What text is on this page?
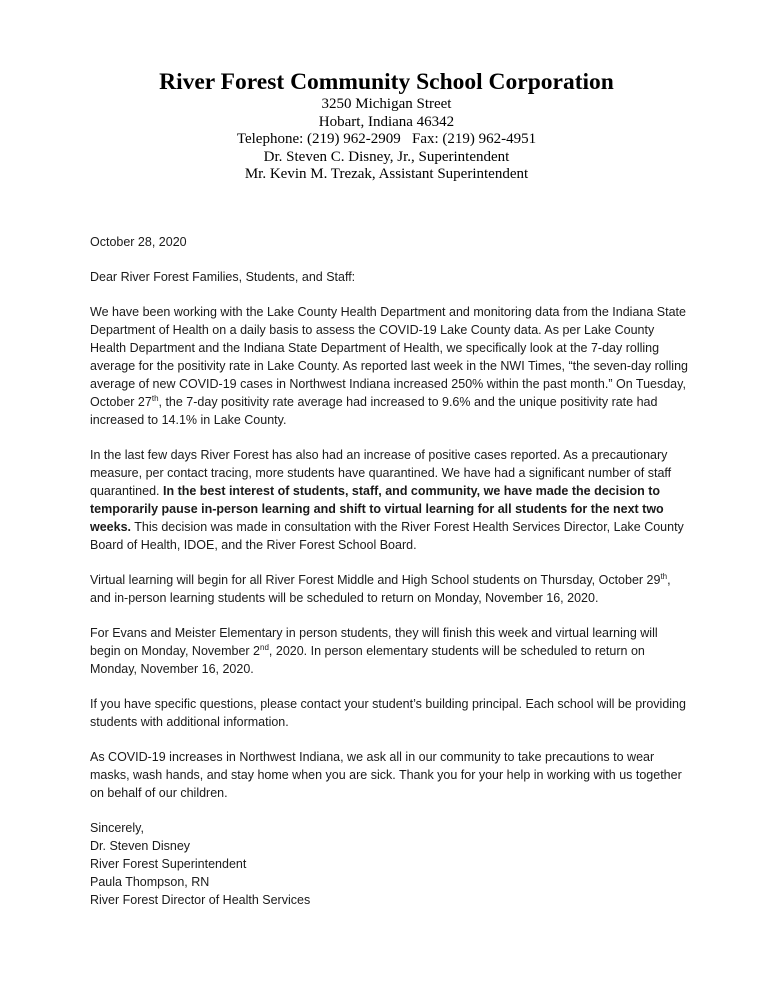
River Forest Community School Corporation
3250 Michigan Street
Hobart, Indiana 46342
Telephone: (219) 962-2909   Fax: (219) 962-4951
Dr. Steven C. Disney, Jr., Superintendent
Mr. Kevin M. Trezak, Assistant Superintendent

October 28, 2020

Dear River Forest Families, Students, and Staff:

We have been working with the Lake County Health Department and monitoring data from the Indiana State Department of Health on a daily basis to assess the COVID-19 Lake County data. As per Lake County Health Department and the Indiana State Department of Health, we specifically look at the 7-day rolling average for the positivity rate in Lake County. As reported last week in the NWI Times, “the seven-day rolling average of new COVID-19 cases in Northwest Indiana increased 250% within the past month.” On Tuesday, October 27th, the 7-day positivity rate average had increased to 9.6% and the unique positivity rate had increased to 14.1% in Lake County.

In the last few days River Forest has also had an increase of positive cases reported. As a precautionary measure, per contact tracing, more students have quarantined. We have had a significant number of staff quarantined. In the best interest of students, staff, and community, we have made the decision to temporarily pause in-person learning and shift to virtual learning for all students for the next two weeks. This decision was made in consultation with the River Forest Health Services Director, Lake County Board of Health, IDOE, and the River Forest School Board.

Virtual learning will begin for all River Forest Middle and High School students on Thursday, October 29th, and in-person learning students will be scheduled to return on Monday, November 16, 2020.

For Evans and Meister Elementary in person students, they will finish this week and virtual learning will begin on Monday, November 2nd, 2020. In person elementary students will be scheduled to return on Monday, November 16, 2020.

If you have specific questions, please contact your student’s building principal. Each school will be providing students with additional information.

As COVID-19 increases in Northwest Indiana, we ask all in our community to take precautions to wear masks, wash hands, and stay home when you are sick. Thank you for your help in working with us together on behalf of our children.

Sincerely,
Dr. Steven Disney
River Forest Superintendent
Paula Thompson, RN
River Forest Director of Health Services
